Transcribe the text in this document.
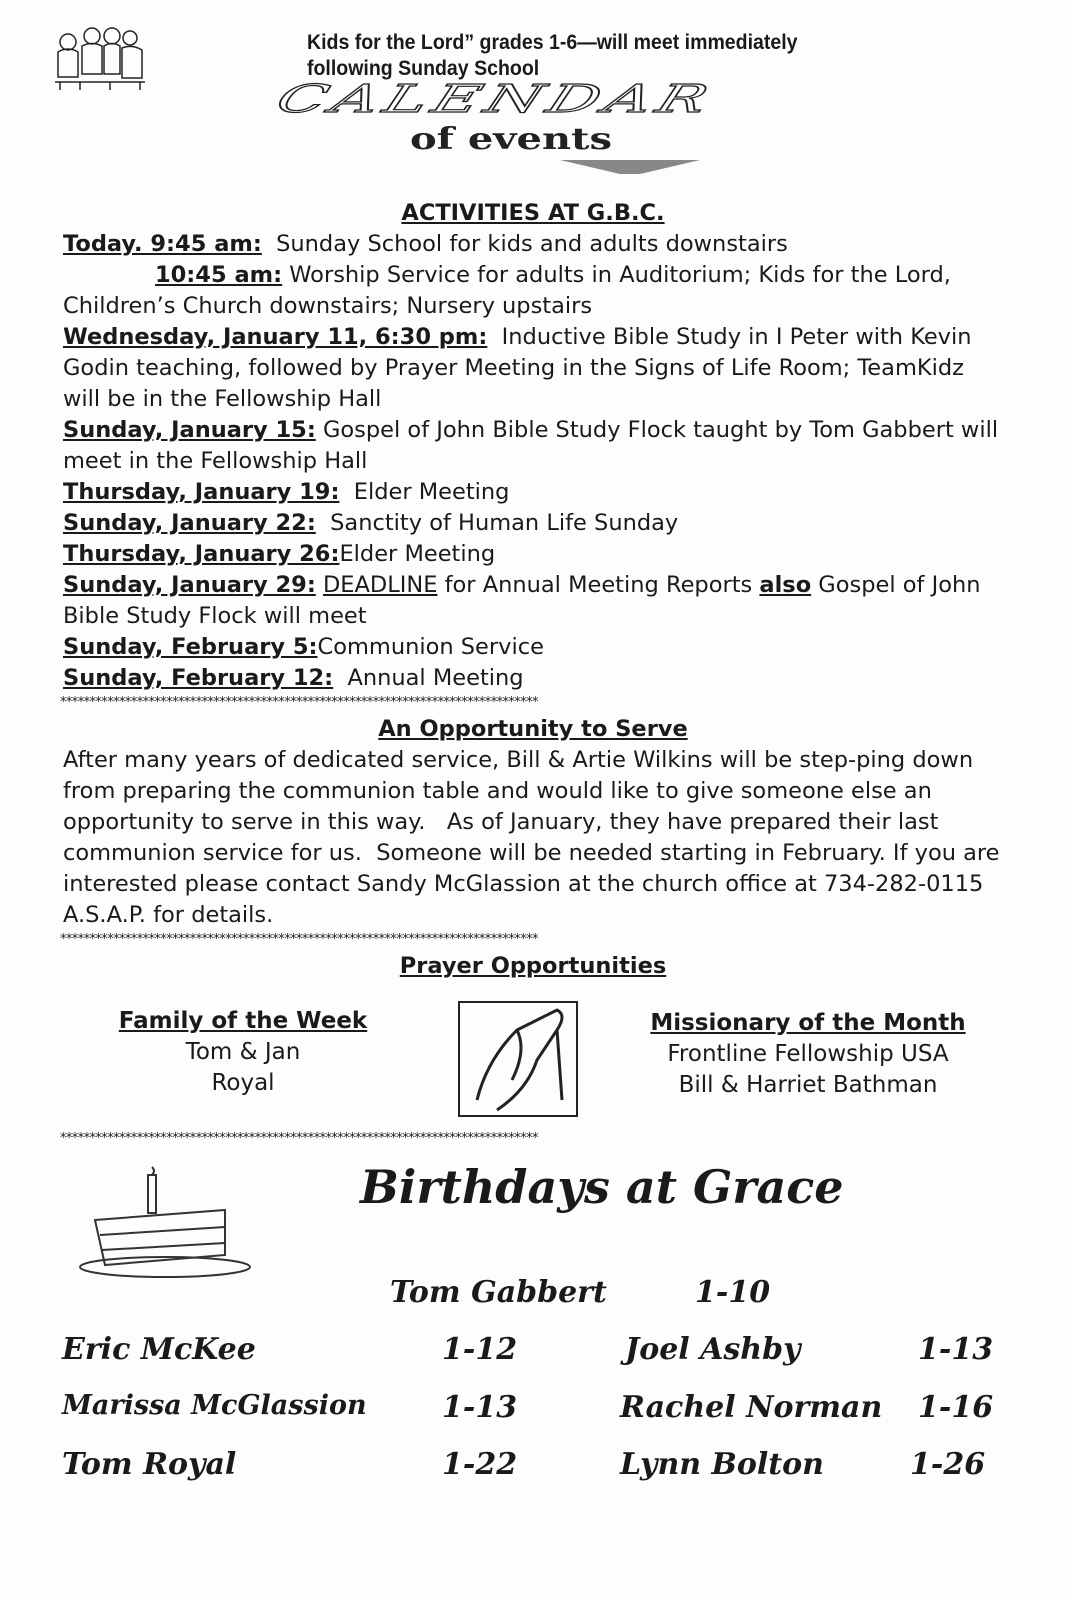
Kids for the Lord” grades 1-6—will meet immediately
following Sunday School
CALENDAR
of events
ACTIVITIES AT G.B.C.

Today. 9:45 am:  Sunday School for kids and adults downstairs

10:45 am: Worship Service for adults in Auditorium; Kids for the Lord, Children’s Church downstairs; Nursery upstairs

Wednesday, January 11, 6:30 pm:  Inductive Bible Study in I Peter with Kevin Godin teaching, followed by Prayer Meeting in the Signs of Life Room; TeamKidz will be in the Fellowship Hall

Sunday, January 15: Gospel of John Bible Study Flock taught by Tom Gabbert will meet in the Fellowship Hall

Thursday, January 19:  Elder Meeting

Sunday, January 22:  Sanctity of Human Life Sunday

Thursday, January 26:Elder Meeting

Sunday, January 29: DEADLINE for Annual Meeting Reports also Gospel of John Bible Study Flock will meet

Sunday, February 5:Communion Service

Sunday, February 12:  Annual Meeting

*********************************************************************************
An Opportunity to Serve

After many years of dedicated service, Bill & Artie Wilkins will be step-ping down from preparing the communion table and would like to give someone else an opportunity to serve in this way.   As of January, they have prepared their last communion service for us.  Someone will be needed starting in February. If you are interested please contact Sandy McGlassion at the church office at 734-282-0115 A.S.A.P. for details.

*********************************************************************************
Prayer Opportunities
Family of the Week
Tom & Jan
Royal
Missionary of the Month
Frontline Fellowship USA
Bill & Harriet Bathman
*********************************************************************************
Birthdays at Grace
Tom Gabbert	1-10
Eric McKee	1-12	Joel Ashby	1-13
Marissa McGlassion	1-13	Rachel Norman 1-16
Tom Royal	1-22	Lynn Bolton	1-26
